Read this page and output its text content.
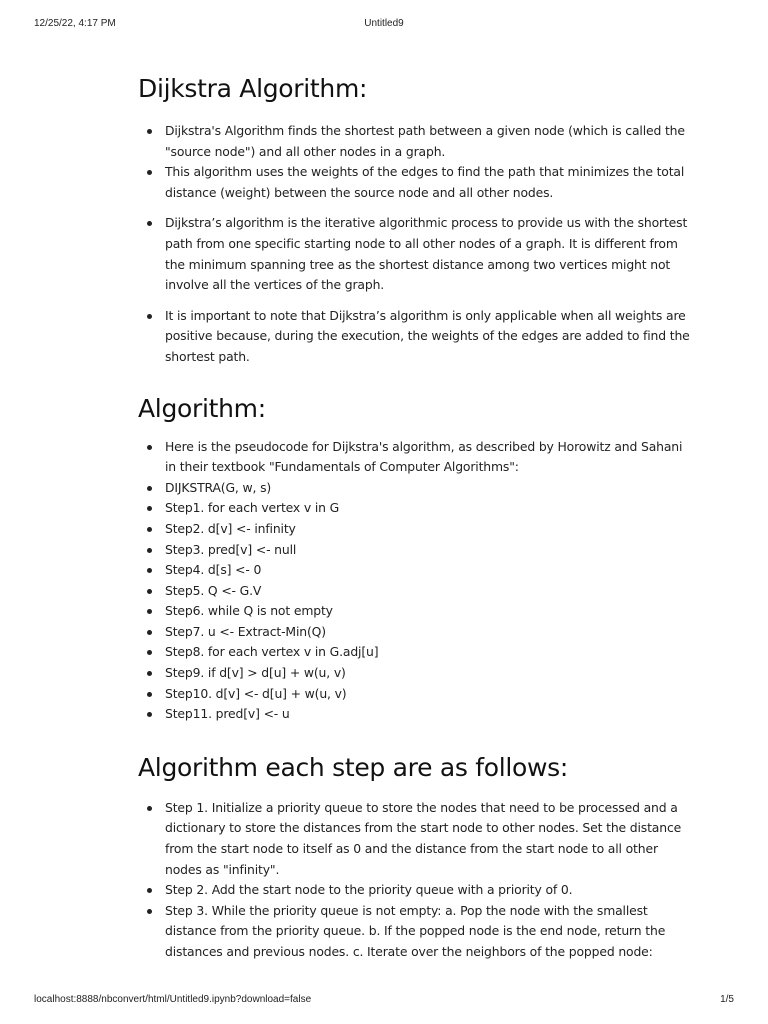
12/25/22, 4:17 PM	Untitled9
Dijkstra Algorithm:
Dijkstra's Algorithm finds the shortest path between a given node (which is called the "source node") and all other nodes in a graph.
This algorithm uses the weights of the edges to find the path that minimizes the total distance (weight) between the source node and all other nodes.
Dijkstra’s algorithm is the iterative algorithmic process to provide us with the shortest path from one specific starting node to all other nodes of a graph. It is different from the minimum spanning tree as the shortest distance among two vertices might not involve all the vertices of the graph.
It is important to note that Dijkstra’s algorithm is only applicable when all weights are positive because, during the execution, the weights of the edges are added to find the shortest path.
Algorithm:
Here is the pseudocode for Dijkstra's algorithm, as described by Horowitz and Sahani in their textbook "Fundamentals of Computer Algorithms":
DIJKSTRA(G, w, s)
Step1. for each vertex v in G
Step2. d[v] <- infinity
Step3. pred[v] <- null
Step4. d[s] <- 0
Step5. Q <- G.V
Step6. while Q is not empty
Step7. u <- Extract-Min(Q)
Step8. for each vertex v in G.adj[u]
Step9. if d[v] > d[u] + w(u, v)
Step10. d[v] <- d[u] + w(u, v)
Step11. pred[v] <- u
Algorithm each step are as follows:
Step 1. Initialize a priority queue to store the nodes that need to be processed and a dictionary to store the distances from the start node to other nodes. Set the distance from the start node to itself as 0 and the distance from the start node to all other nodes as "infinity".
Step 2. Add the start node to the priority queue with a priority of 0.
Step 3. While the priority queue is not empty: a. Pop the node with the smallest distance from the priority queue. b. If the popped node is the end node, return the distances and previous nodes. c. Iterate over the neighbors of the popped node:
localhost:8888/nbconvert/html/Untitled9.ipynb?download=false	1/5
